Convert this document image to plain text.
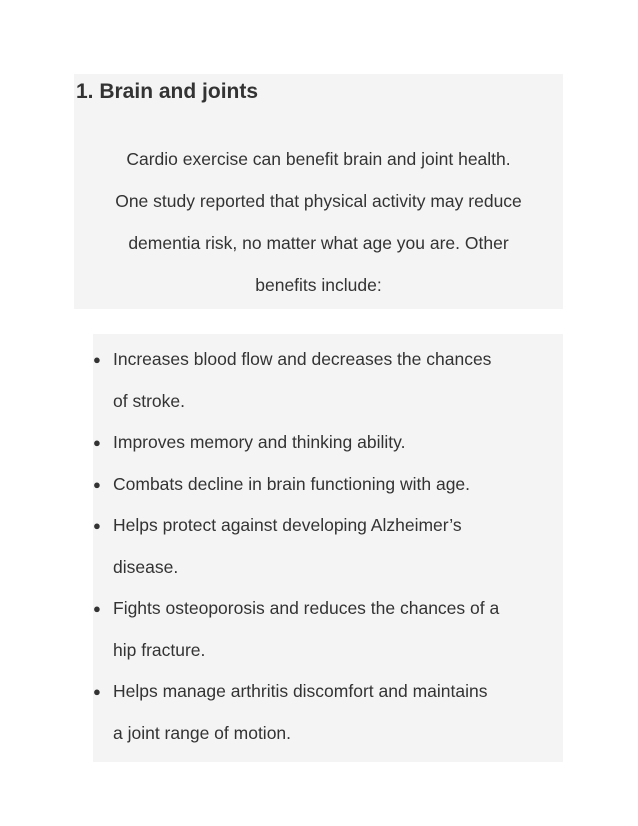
1. Brain and joints

Cardio exercise can benefit brain and joint health.
One study reported that physical activity may reduce
dementia risk, no matter what age you are. Other
benefits include:

● Increases blood flow and decreases the chances
of stroke.
● Improves memory and thinking ability.
● Combats decline in brain functioning with age.
● Helps protect against developing Alzheimer’s
disease.
● Fights osteoporosis and reduces the chances of a
hip fracture.
● Helps manage arthritis discomfort and maintains
a joint range of motion.
